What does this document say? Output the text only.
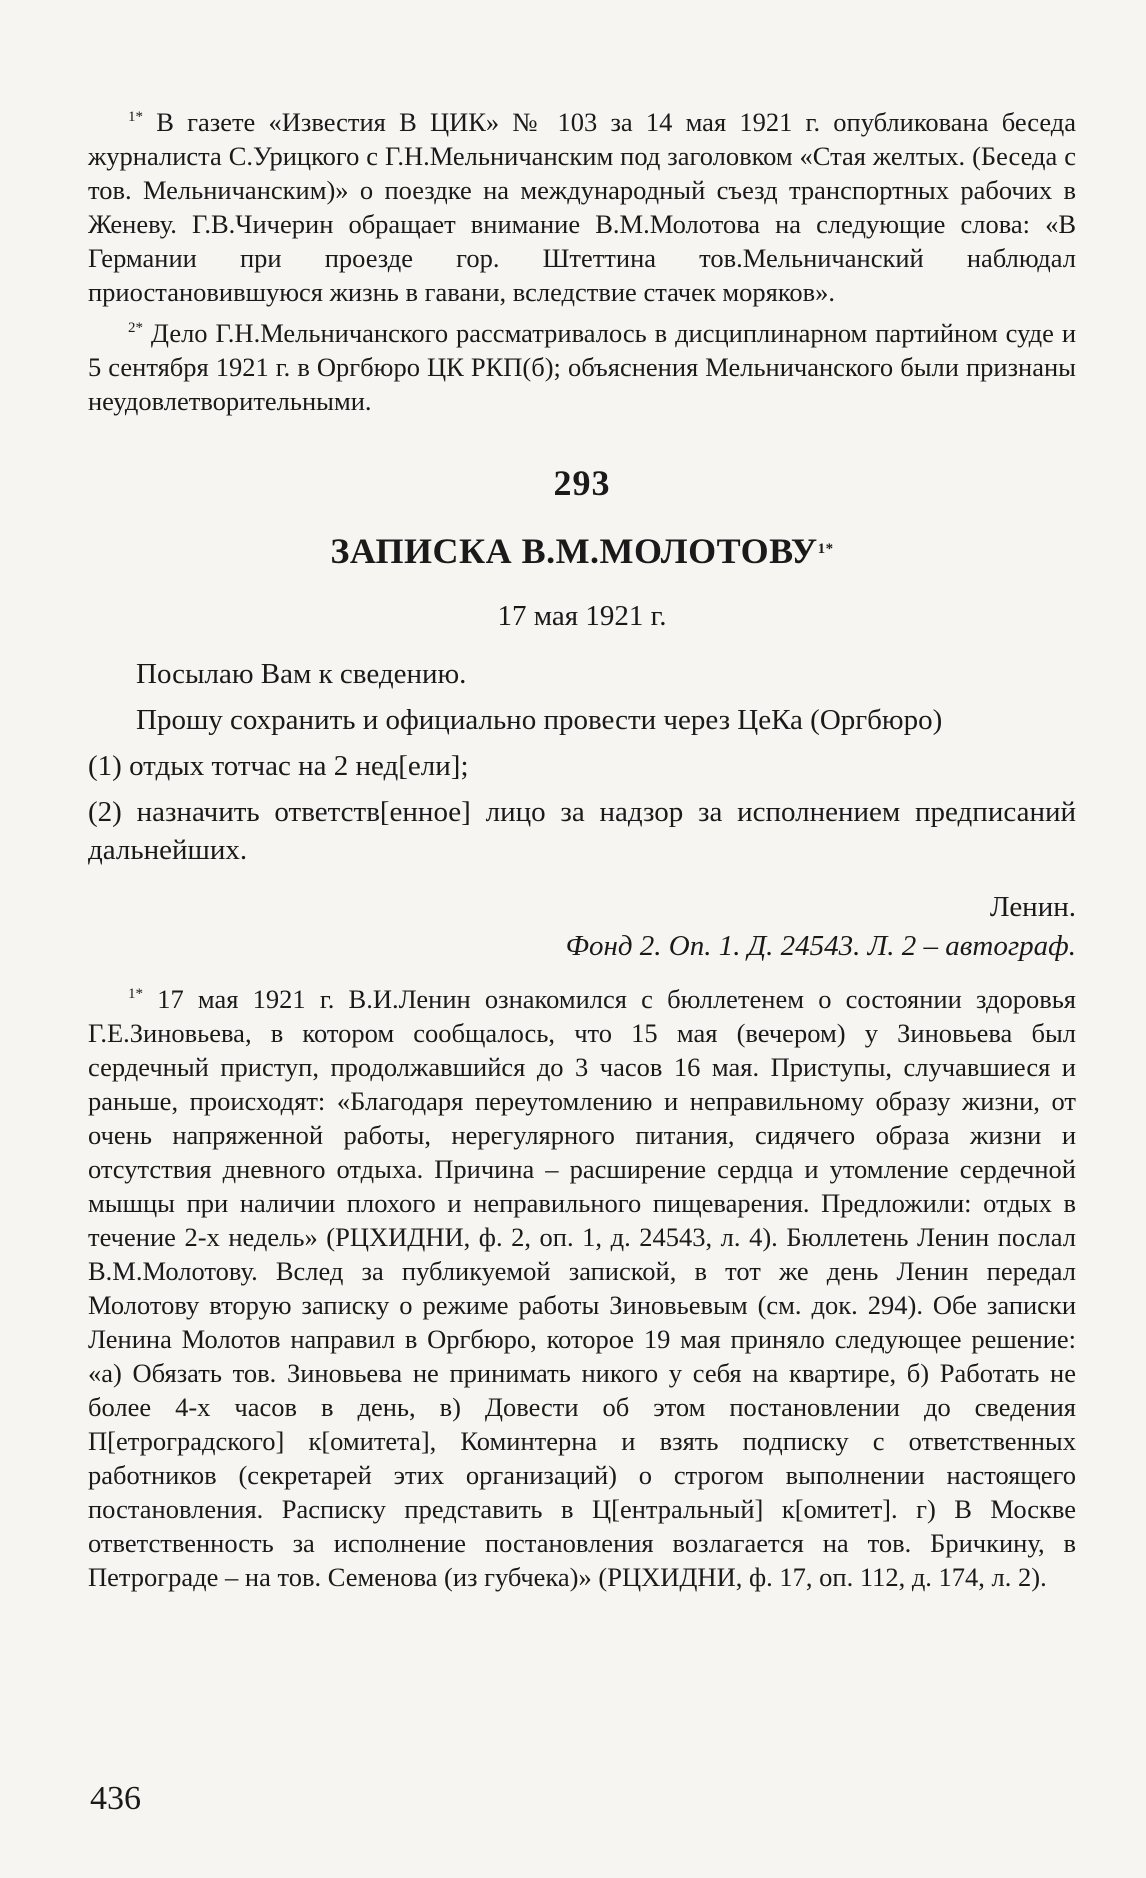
$^{1*}$ В газете «Известия В ЦИК» № 103 за 14 мая 1921 г. опубликована беседа журналиста С.Урицкого с Г.Н.Мельничанским под заголовком «Стая желтых. (Беседа с тов. Мельничанским)» о поездке на международный съезд транспортных рабочих в Женеву. Г.В.Чичерин обращает внимание В.М.Молотова на следующие слова: «В Германии при проезде гор. Штеттина тов.Мельничанский наблюдал приостановившуюся жизнь в гавани, вследствие стачек моряков».

$^{2*}$ Дело Г.Н.Мельничанского рассматривалось в дисциплинарном партийном суде и 5 сентября 1921 г. в Оргбюро ЦК РКП(б); объяснения Мельничанского были признаны неудовлетворительными.

293
ЗАПИСКА $В.М.МОЛОТОВУ^{1*}$
17 мая 1921 г.

Посылаю Вам к сведению.

Прошу сохранить и официально провести через ЦеКа (Оргбюро)

(1) отдых тотчас на 2 нед[ели];

(2) назначить ответств[енное] лицо за надзор за исполнением предписаний дальнейших.

Ленин.
Фонд 2. Оп. 1. Д. 24543. Л. 2 – автограф.

$^{1*}$ 17 мая 1921 г. В.И.Ленин ознакомился с бюллетенем о состоянии здоровья Г.Е.Зиновьева, в котором сообщалось, что 15 мая (вечером) у Зиновьева был сердечный приступ, продолжавшийся до 3 часов 16 мая. Приступы, случавшиеся и раньше, происходят: «Благодаря переутомлению и неправильному образу жизни, от очень напряженной работы, нерегулярного питания, сидячего образа жизни и отсутствия дневного отдыха. Причина – расширение сердца и утомление сердечной мышцы при наличии плохого и неправильного пищеварения. Предложили: отдых в течение 2-х недель» (РЦХИДНИ, ф. 2, оп. 1, д. 24543, л. 4). Бюллетень Ленин послал В.М.Молотову. Вслед за публикуемой запиской, в тот же день Ленин передал Молотову вторую записку о режиме работы Зиновьевым (см. док. 294). Обе записки Ленина Молотов направил в Оргбюро, которое 19 мая приняло следующее решение: «а) Обязать тов. Зиновьева не принимать никого у себя на квартире, б) Работать не более 4-х часов в день, в) Довести об этом постановлении до сведения П[етроградского] к[омитета], Коминтерна и взять подписку с ответственных работников (секретарей этих организаций) о строгом выполнении настоящего постановления. Расписку представить в Ц[ентральный] к[омитет]. г) В Москве ответственность за исполнение постановления возлагается на тов. Бричкину, в Петрограде – на тов. Семенова (из губчека)» (РЦХИДНИ, ф. 17, оп. 112, д. 174, л. 2).

436
